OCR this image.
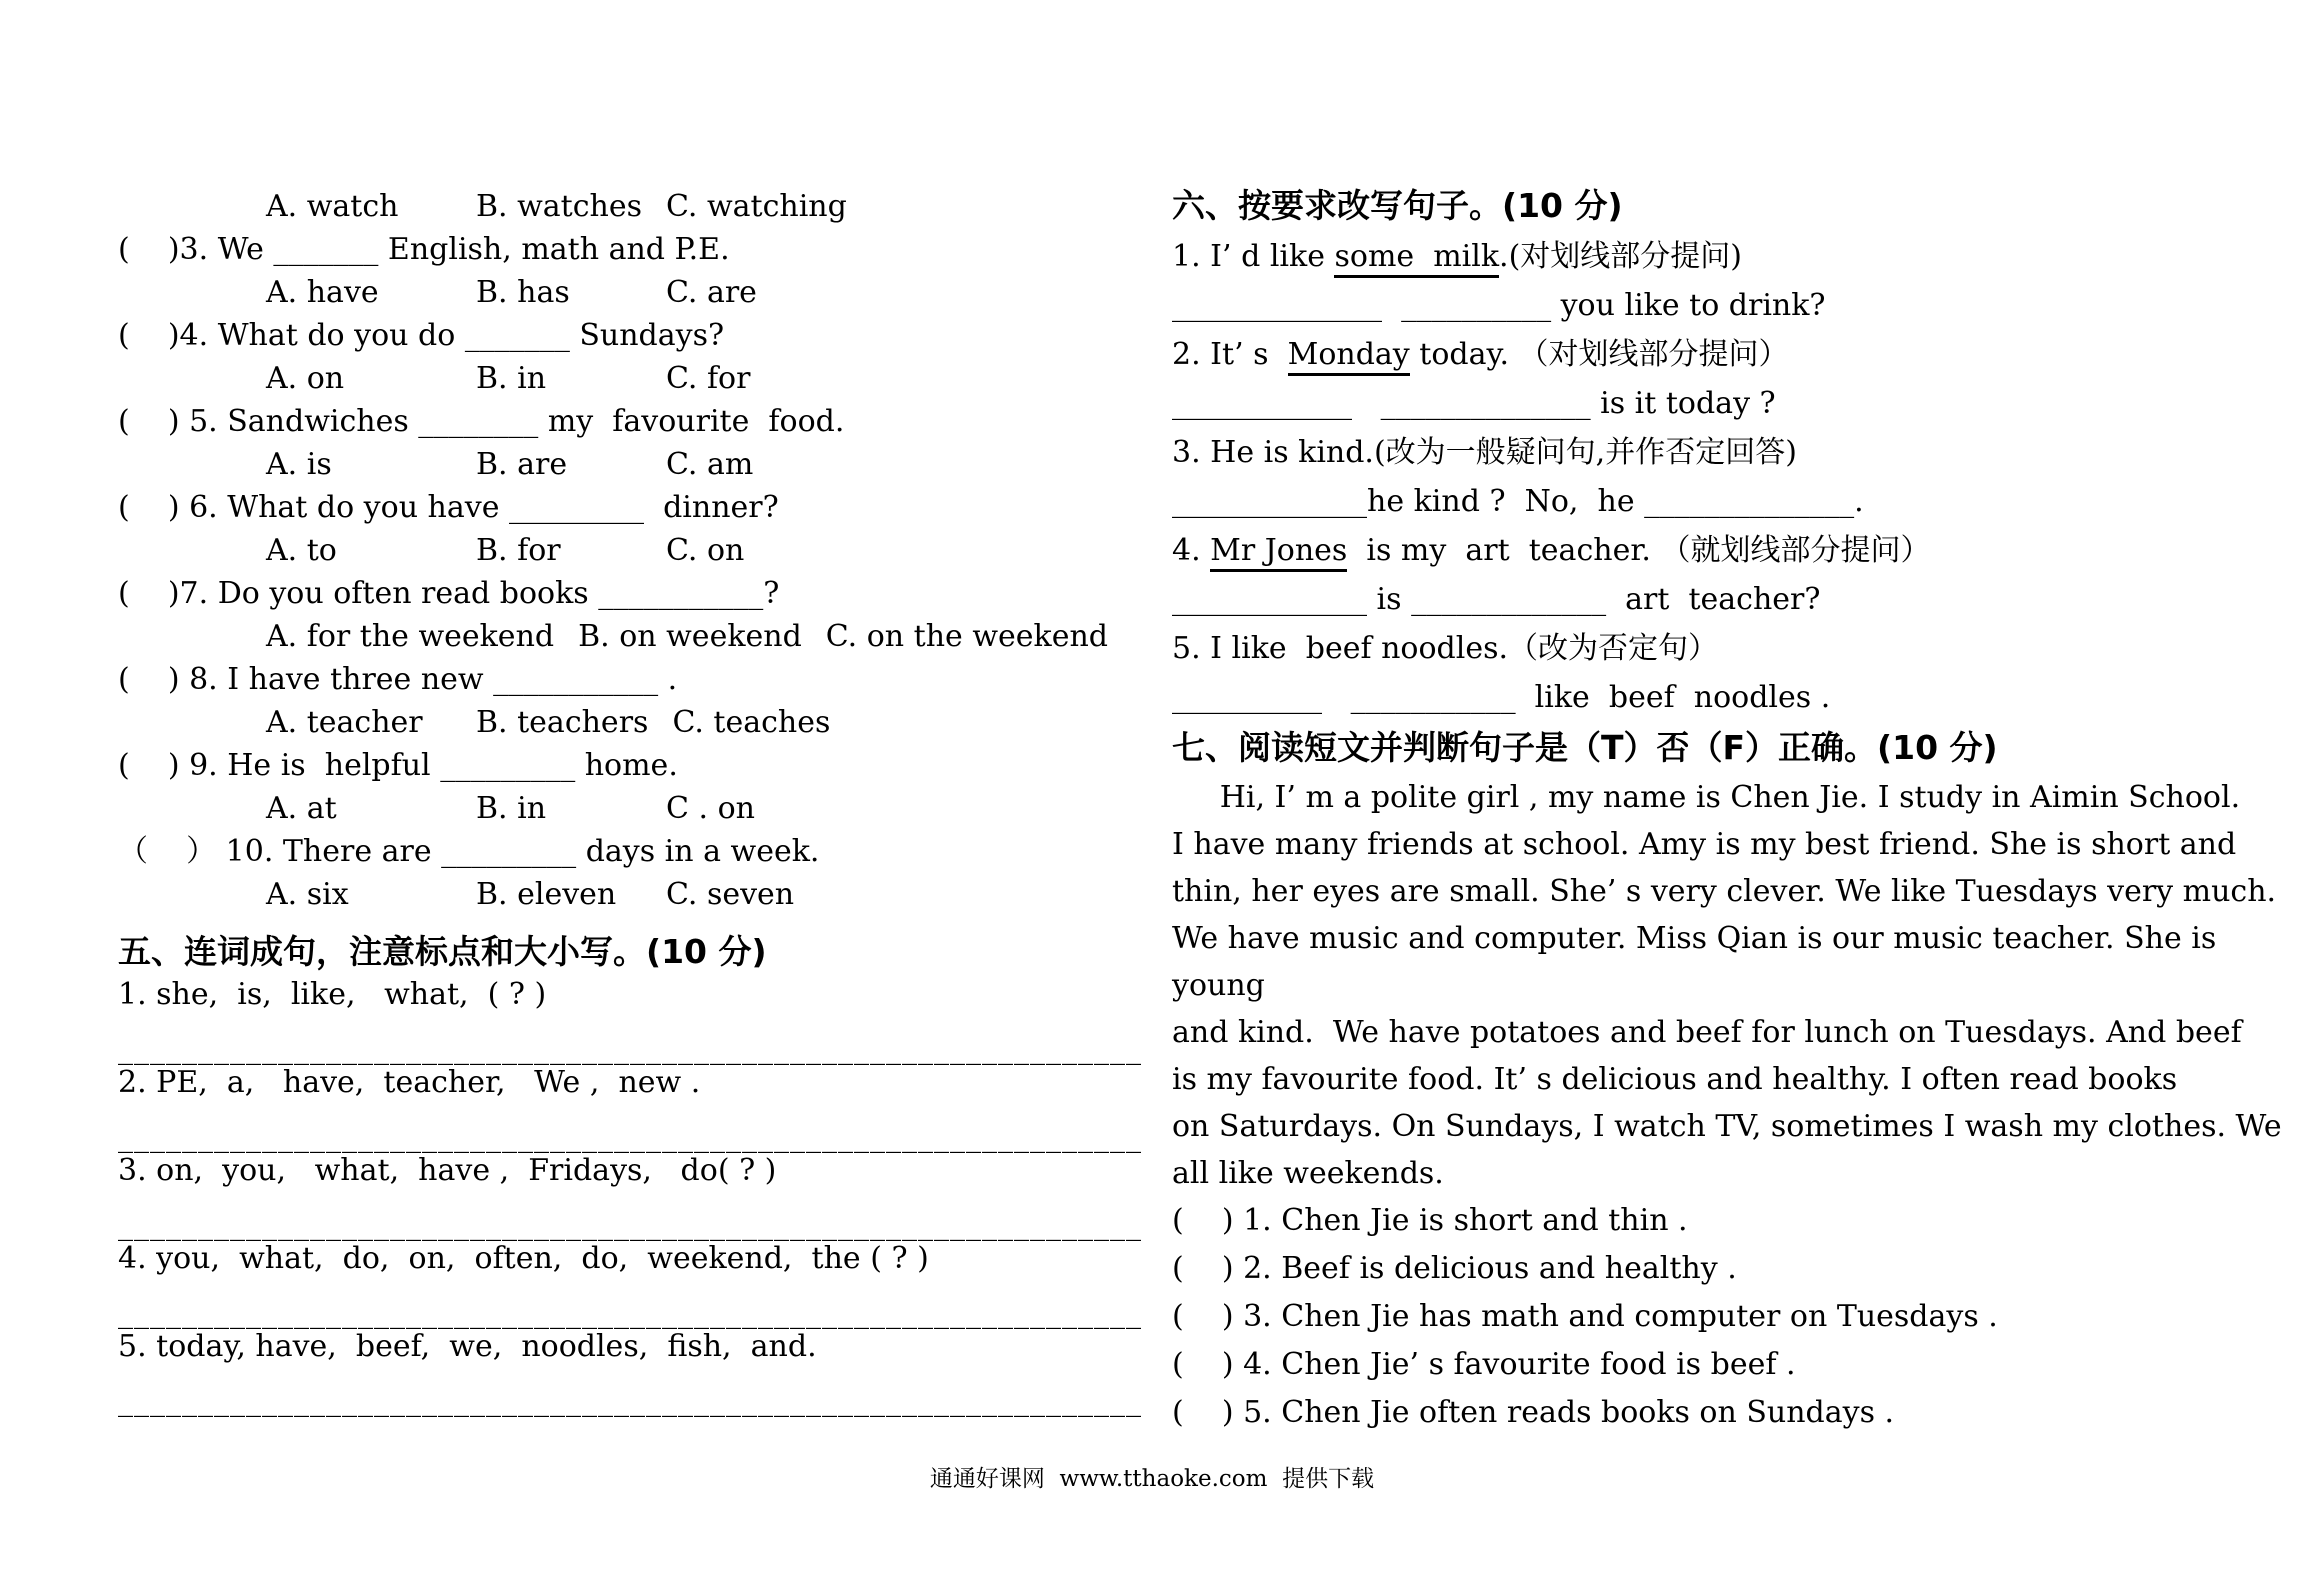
A. watch	B. watches C. watching
(    )3. We _______ English, math and P.E.
A. have	B. has	C. are
(    )4. What do you do _______ Sundays?
A. on	B. in	C. for
(    ) 5. Sandwiches ________ my  favourite  food.
A. is	B. are	C. am
(    ) 6. What do you have _________  dinner?
A. to	B. for	C. on
(    )7. Do you often read books ___________?
A. for the weekend B. on weekend C. on the weekend
(    ) 8. I have three new ___________ .
A. teacher	B. teachers C. teaches
(    ) 9. He is  helpful _________ home.
A. at	B. in	C . on
（    ） 10. There are _________ days in a week.
A. six	B. eleven	C. seven
五、连词成句，注意标点和大小写。(10 分)
1. she,  is,  like,   what,  ( ? )
________________________________________________________________
2. PE,  a,   have,  teacher,   We ,  new .
________________________________________________________________
3. on,  you,   what,  have ,  Fridays,   do( ? )
________________________________________________________________
4. you,  what,  do,  on,  often,  do,  weekend,  the ( ? )
________________________________________________________________
5. today, have,  beef,  we,  noodles,  fish,  and.
________________________________________________________________
六、按要求改写句子。(10 分)
1. I’ d like some  milk.(对划线部分提问)
______________  __________ you like to drink?
2. It’ s  Monday today. （对划线部分提问）
____________   ______________ is it today ?
3. He is kind.(改为一般疑问句,并作否定回答)
_____________he kind ?  No,  he ______________.
4. Mr Jones  is my  art  teacher. （就划线部分提问）
_____________ is _____________  art  teacher?
5. I like  beef noodles.（改为否定句）
__________   ___________  like  beef  noodles .
七、阅读短文并判断句子是（T）否（F）正确。(10 分)
Hi, I’ m a polite girl , my name is Chen Jie. I study in Aimin School.
I have many friends at school. Amy is my best friend. She is short and
thin, her eyes are small. She’ s very clever. We like Tuesdays very much.
We have music and computer. Miss Qian is our music teacher. She is young
and kind.  We have potatoes and beef for lunch on Tuesdays. And beef
is my favourite food. It’ s delicious and healthy. I often read books
on Saturdays. On Sundays, I watch TV, sometimes I wash my clothes. We
all like weekends.
(    ) 1. Chen Jie is short and thin .
(    ) 2. Beef is delicious and healthy .
(    ) 3. Chen Jie has math and computer on Tuesdays .
(    ) 4. Chen Jie’ s favourite food is beef .
(    ) 5. Chen Jie often reads books on Sundays .
通通好课网  www.tthaoke.com  提供下载
